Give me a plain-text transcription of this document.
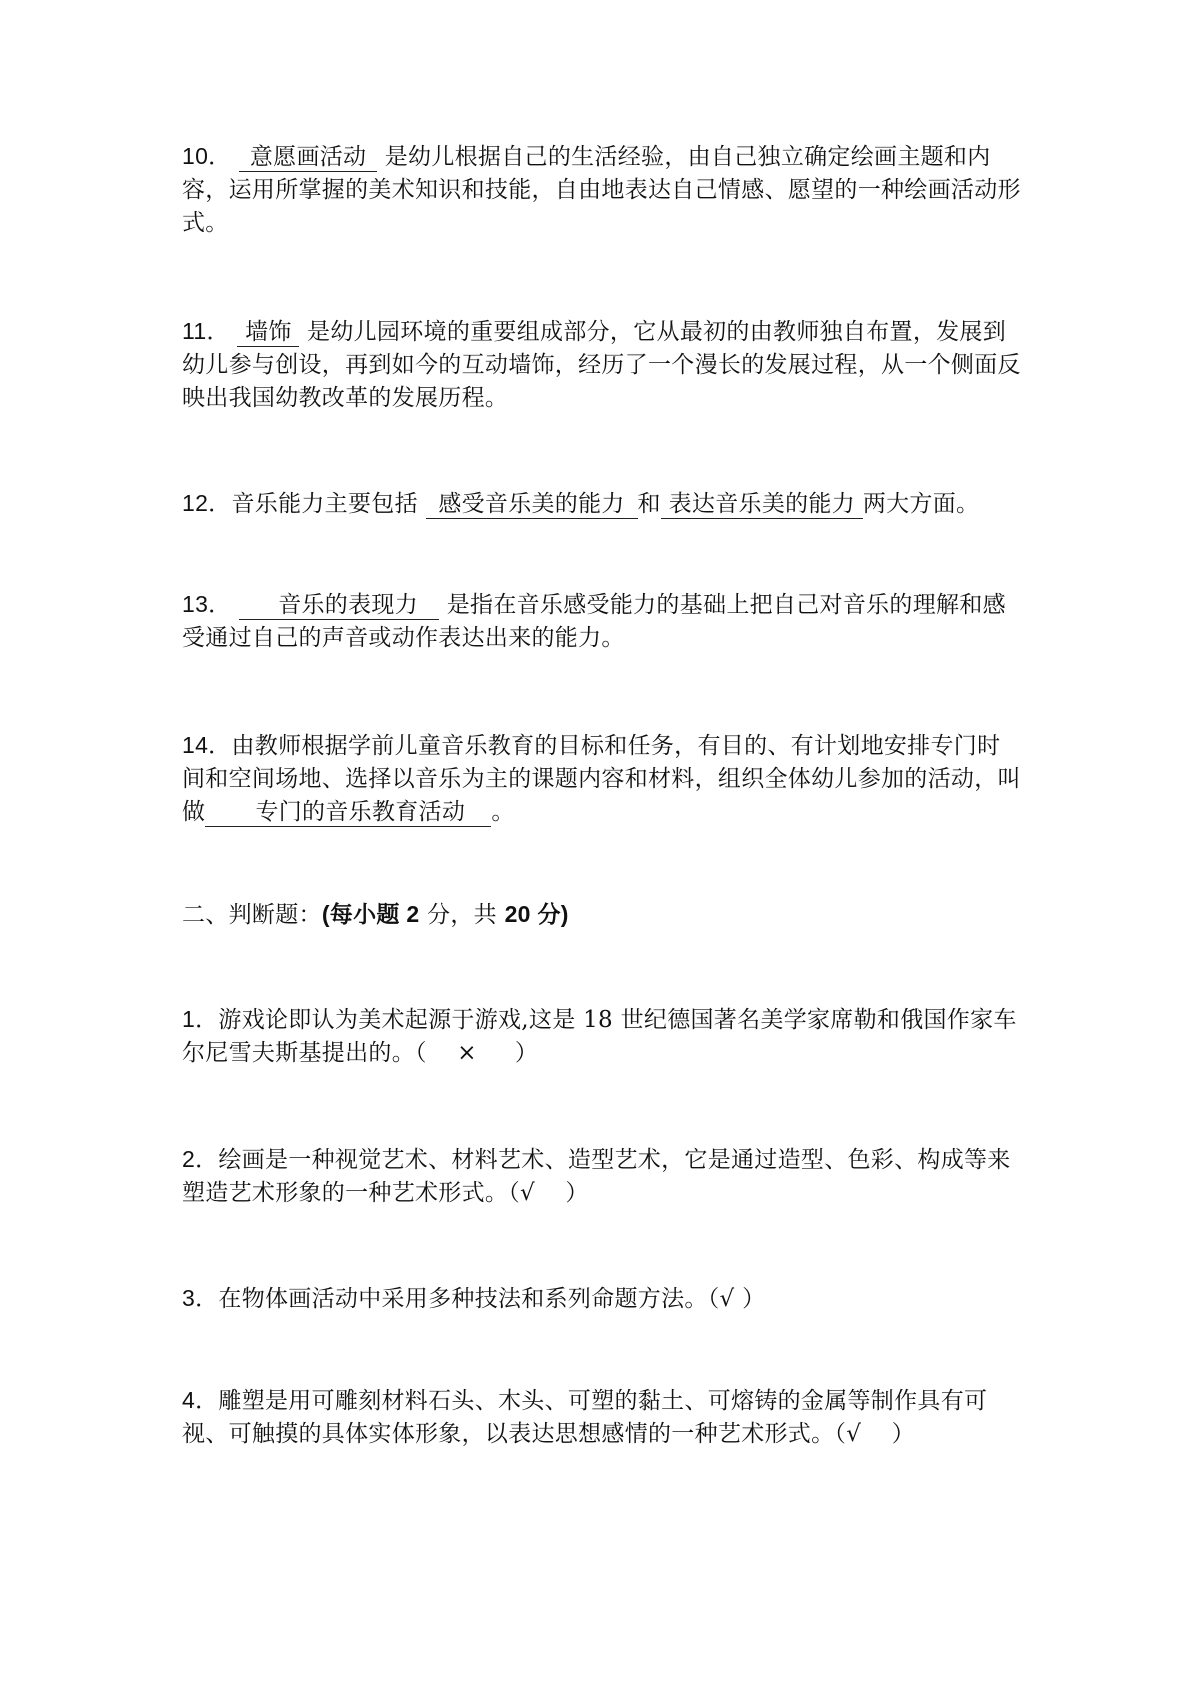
10． 意愿画活动 是幼儿根据自己的生活经验，由自己独立确定绘画主题和内容，运用所掌握的美术知识和技能，自由地表达自己情感、愿望的一种绘画活动形式。
11． 墙饰 是幼儿园环境的重要组成部分，它从最初的由教师独自布置，发展到幼儿参与创设，再到如今的互动墙饰，经历了一个漫长的发展过程，从一个侧面反映出我国幼教改革的发展历程。
12．音乐能力主要包括 感受音乐美的能力 和 表达音乐美的能力 两大方面。
13． 音乐的表现力 是指在音乐感受能力的基础上把自己对音乐的理解和感受通过自己的声音或动作表达出来的能力。
14．由教师根据学前儿童音乐教育的目标和任务，有目的、有计划地安排专门时间和空间场地、选择以音乐为主的课题内容和材料，组织全体幼儿参加的活动，叫做 专门的音乐教育活动 。
二、判断题：(每小题 2 分，共 20 分)
1．游戏论即认为美术起源于游戏,这是 18 世纪德国著名美学家席勒和俄国作家车尔尼雪夫斯基提出的。（    ×     ）
2．绘画是一种视觉艺术、材料艺术、造型艺术，它是通过造型、色彩、构成等来塑造艺术形象的一种艺术形式。（√    ）
3．在物体画活动中采用多种技法和系列命题方法。（√ ）
4．雕塑是用可雕刻材料石头、木头、可塑的黏土、可熔铸的金属等制作具有可视、可触摸的具体实体形象，以表达思想感情的一种艺术形式。（√    ）
